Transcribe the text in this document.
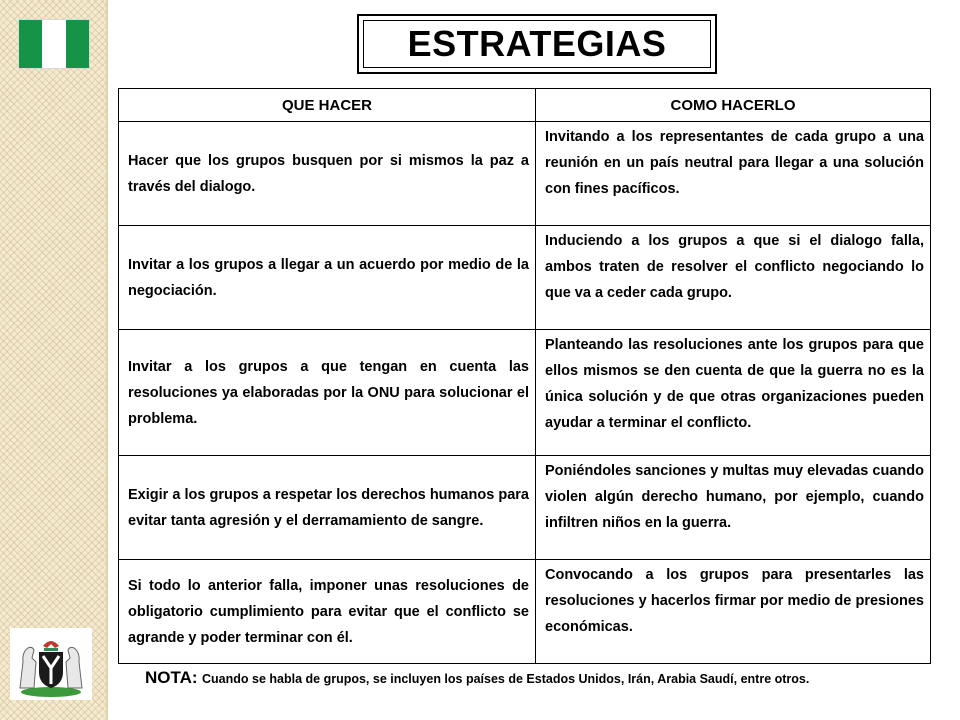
ESTRATEGIAS
QUE HACER	COMO HACERLO
Hacer que los grupos busquen por si mismos la paz a través del dialogo.	Invitando a los representantes de cada grupo a una reunión en un país neutral para llegar a una solución con fines pacíficos.
Invitar a los grupos a llegar a un acuerdo por medio de la negociación.	Induciendo a los grupos a que si el dialogo falla, ambos traten de resolver el conflicto negociando lo que va a ceder cada grupo.
Invitar a los grupos a que tengan en cuenta las resoluciones ya elaboradas por la ONU para solucionar el problema.	Planteando las resoluciones ante los grupos para que ellos mismos se den cuenta de que la guerra no es la única solución y de que otras organizaciones pueden ayudar a terminar el conflicto.
Exigir a los grupos a respetar los derechos humanos para evitar tanta agresión y el derramamiento de sangre.	Poniéndoles sanciones y multas muy elevadas cuando violen algún derecho humano, por ejemplo, cuando infiltren niños en la guerra.
Si todo lo anterior falla, imponer unas resoluciones de obligatorio cumplimiento para evitar que el conflicto se agrande y poder terminar con él.	Convocando a los grupos para presentarles las resoluciones y hacerlos firmar por medio de presiones económicas.
NOTA: Cuando se habla de grupos, se incluyen los países de Estados Unidos, Irán, Arabia Saudí, entre otros.
